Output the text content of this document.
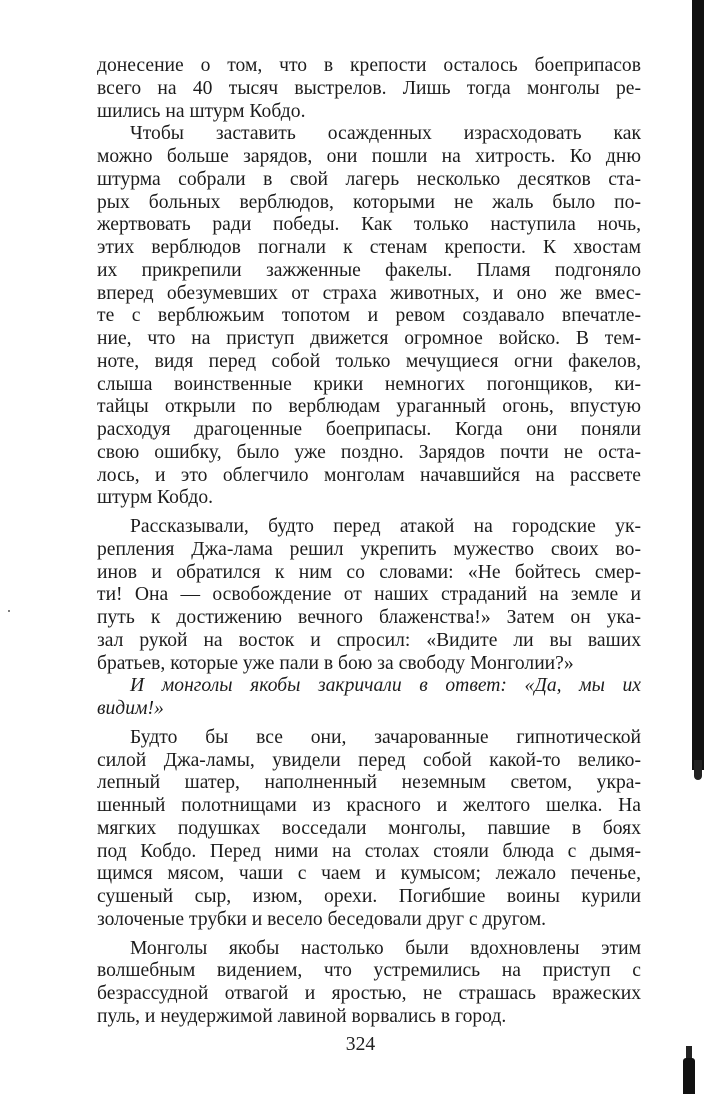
донесение о том, что в крепости осталось боеприпасов
всего на 40 тысяч выстрелов. Лишь тогда монголы ре-
шились на штурм Кобдо.

Чтобы заставить осажденных израсходовать как
можно больше зарядов, они пошли на хитрость. Ко дню
штурма собрали в свой лагерь несколько десятков ста-
рых больных верблюдов, которыми не жаль было по-
жертвовать ради победы. Как только наступила ночь,
этих верблюдов погнали к стенам крепости. К хвостам
их прикрепили зажженные факелы. Пламя подгоняло
вперед обезумевших от страха животных, и оно же вмес-
те с верблюжьим топотом и ревом создавало впечатле-
ние, что на приступ движется огромное войско. В тем-
ноте, видя перед собой только мечущиеся огни факелов,
слыша воинственные крики немногих погонщиков, ки-
тайцы открыли по верблюдам ураганный огонь, впустую
расходуя драгоценные боеприпасы. Когда они поняли
свою ошибку, было уже поздно. Зарядов почти не оста-
лось, и это облегчило монголам начавшийся на рассвете
штурм Кобдо.

Рассказывали, будто перед атакой на городские ук-
репления Джа-лама решил укрепить мужество своих во-
инов и обратился к ним со словами: «Не бойтесь смер-
ти! Она — освобождение от наших страданий на земле и
путь к достижению вечного блаженства!» Затем он ука-
зал рукой на восток и спросил: «Видите ли вы ваших
братьев, которые уже пали в бою за свободу Монголии?»

И монголы якобы закричали в ответ: «Да, мы их
видим!»

Будто бы все они, зачарованные гипнотической
силой Джа-ламы, увидели перед собой какой-то велико-
лепный шатер, наполненный неземным светом, укра-
шенный полотнищами из красного и желтого шелка. На
мягких подушках восседали монголы, павшие в боях
под Кобдо. Перед ними на столах стояли блюда с дымя-
щимся мясом, чаши с чаем и кумысом; лежало печенье,
сушеный сыр, изюм, орехи. Погибшие воины курили
золоченые трубки и весело беседовали друг с другом.

Монголы якобы настолько были вдохновлены этим
волшебным видением, что устремились на приступ с
безрассудной отвагой и яростью, не страшась вражеских
пуль, и неудержимой лавиной ворвались в город.

324
